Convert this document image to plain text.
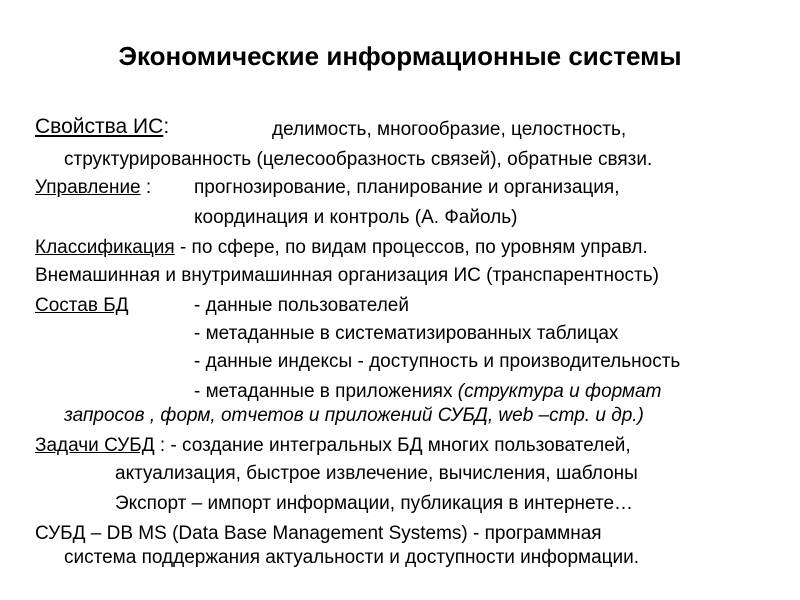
Экономические информационные системы
Свойства ИС:	делимость, многообразие, целостность,
структурированность (целесообразность связей), обратные связи.
Управление : прогнозирование, планирование и организация,
координация и контроль (А. Файоль)
Классификация - по сфере, по видам процессов, по уровням управл.
Внемашинная и внутримашинная организация ИС (транспарентность)
Состав БД	- данные пользователей
- метаданные в систематизированных таблицах
- данные индексы - доступность и производительность
- метаданные в приложениях (структура и формат
запросов , форм, отчетов и приложений СУБД, web –стр. и др.)
Задачи СУБД : - создание интегральных БД многих пользователей,
актуализация, быстрое извлечение, вычисления, шаблоны
Экспорт – импорт информации, публикация в интернете…
СУБД – DB MS (Data Base Management Systems) - программная
система поддержания актуальности и доступности информации.
